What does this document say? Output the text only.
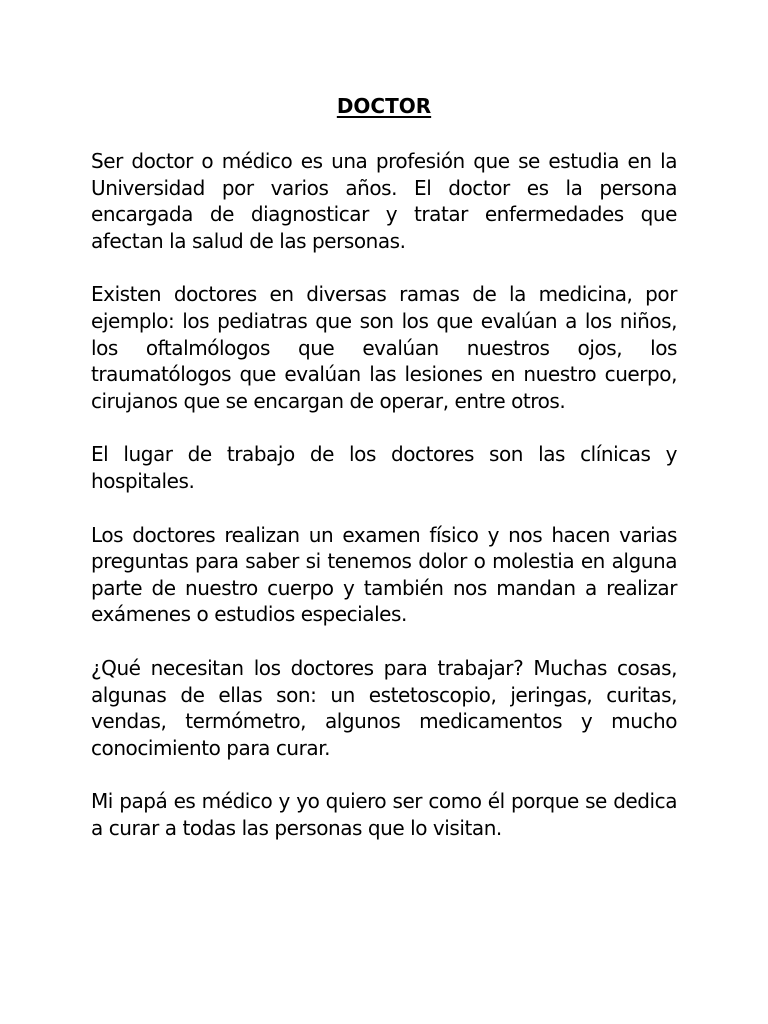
DOCTOR

Ser doctor o médico es una profesión que se estudia en la Universidad por varios años. El doctor es la persona encargada de diagnosticar y tratar enfermedades que afectan la salud de las personas.

Existen doctores en diversas ramas de la medicina, por ejemplo: los pediatras que son los que evalúan a los niños, los oftalmólogos que evalúan nuestros ojos, los traumatólogos que evalúan las lesiones en nuestro cuerpo, cirujanos que se encargan de operar, entre otros.

El lugar de trabajo de los doctores son las clínicas y hospitales.

Los doctores realizan un examen físico y nos hacen varias preguntas para saber si tenemos dolor o molestia en alguna parte de nuestro cuerpo y también nos mandan a realizar exámenes o estudios especiales.

¿Qué necesitan los doctores para trabajar? Muchas cosas, algunas de ellas son: un estetoscopio, jeringas, curitas, vendas, termómetro, algunos medicamentos y mucho conocimiento para curar.

Mi papá es médico y yo quiero ser como él porque se dedica a curar a todas las personas que lo visitan.
